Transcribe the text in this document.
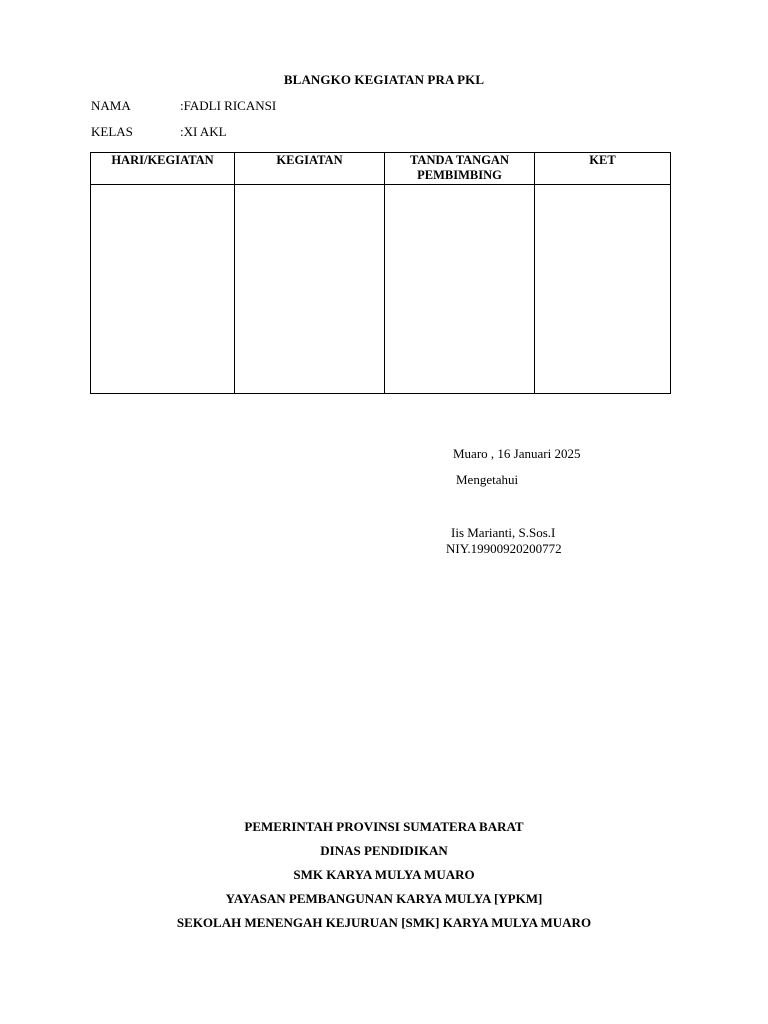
BLANGKO KEGIATAN PRA PKL
NAMA	:FADLI RICANSI
KELAS	:XI AKL
HARI/KEGIATAN	KEGIATAN	TANDA TANGAN PEMBIMBING	KET

Muaro , 16 Januari 2025
Mengetahui
Iis Marianti, S.Sos.I
NIY.19900920200772
PEMERINTAH PROVINSI SUMATERA BARAT
DINAS PENDIDIKAN
SMK KARYA MULYA MUARO
YAYASAN PEMBANGUNAN KARYA MULYA [YPKM]
SEKOLAH MENENGAH KEJURUAN [SMK] KARYA MULYA MUARO
